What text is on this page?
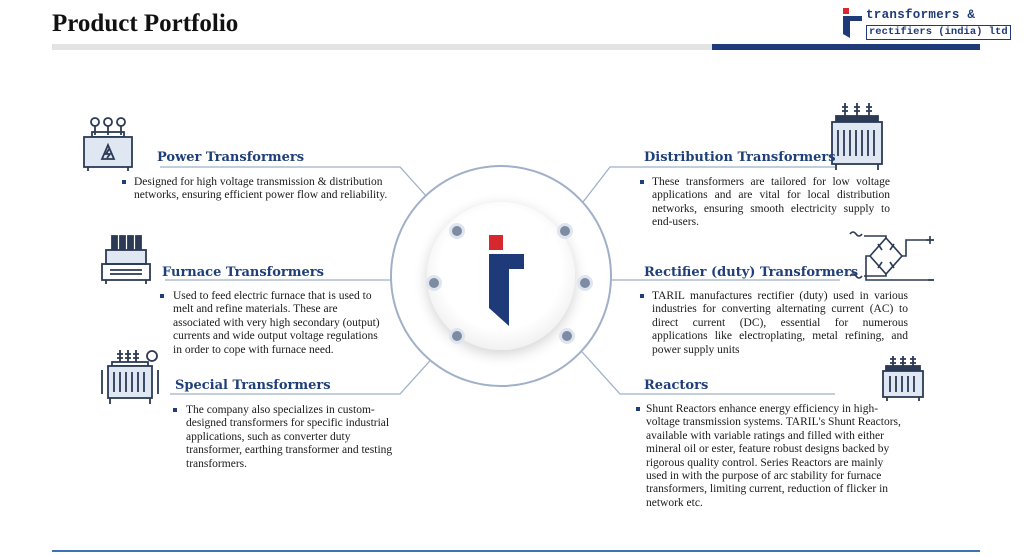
Product Portfolio	transformers &
rectifiers (india) ltd
Power Transformers
Designed for high voltage transmission & distribution networks, ensuring efficient power flow and reliability.
Furnace Transformers
Used to feed electric furnace that is used to melt and refine materials. These are associated with very high secondary (output) currents and wide output voltage regulations in order to cope with furnace need.
Special Transformers
The company also specializes in custom-designed transformers for specific industrial applications, such as converter duty transformer, earthing transformer and testing transformers.
Distribution Transformers
These transformers are tailored for low voltage applications and are vital for local distribution networks, ensuring smooth electricity supply to end-users.
Rectifier (duty) Transformers
TARIL manufactures rectifier (duty) used in various industries for converting alternating current (AC) to direct current (DC), essential for numerous applications like electroplating, metal refining, and power supply units
Reactors
Shunt Reactors enhance energy efficiency in high-voltage transmission systems. TARIL's Shunt Reactors, available with variable ratings and filled with either mineral oil or ester, feature robust designs backed by rigorous quality control. Series Reactors are mainly used in with the purpose of arc stability for furnace transformers, limiting current, reduction of flicker in network etc.
